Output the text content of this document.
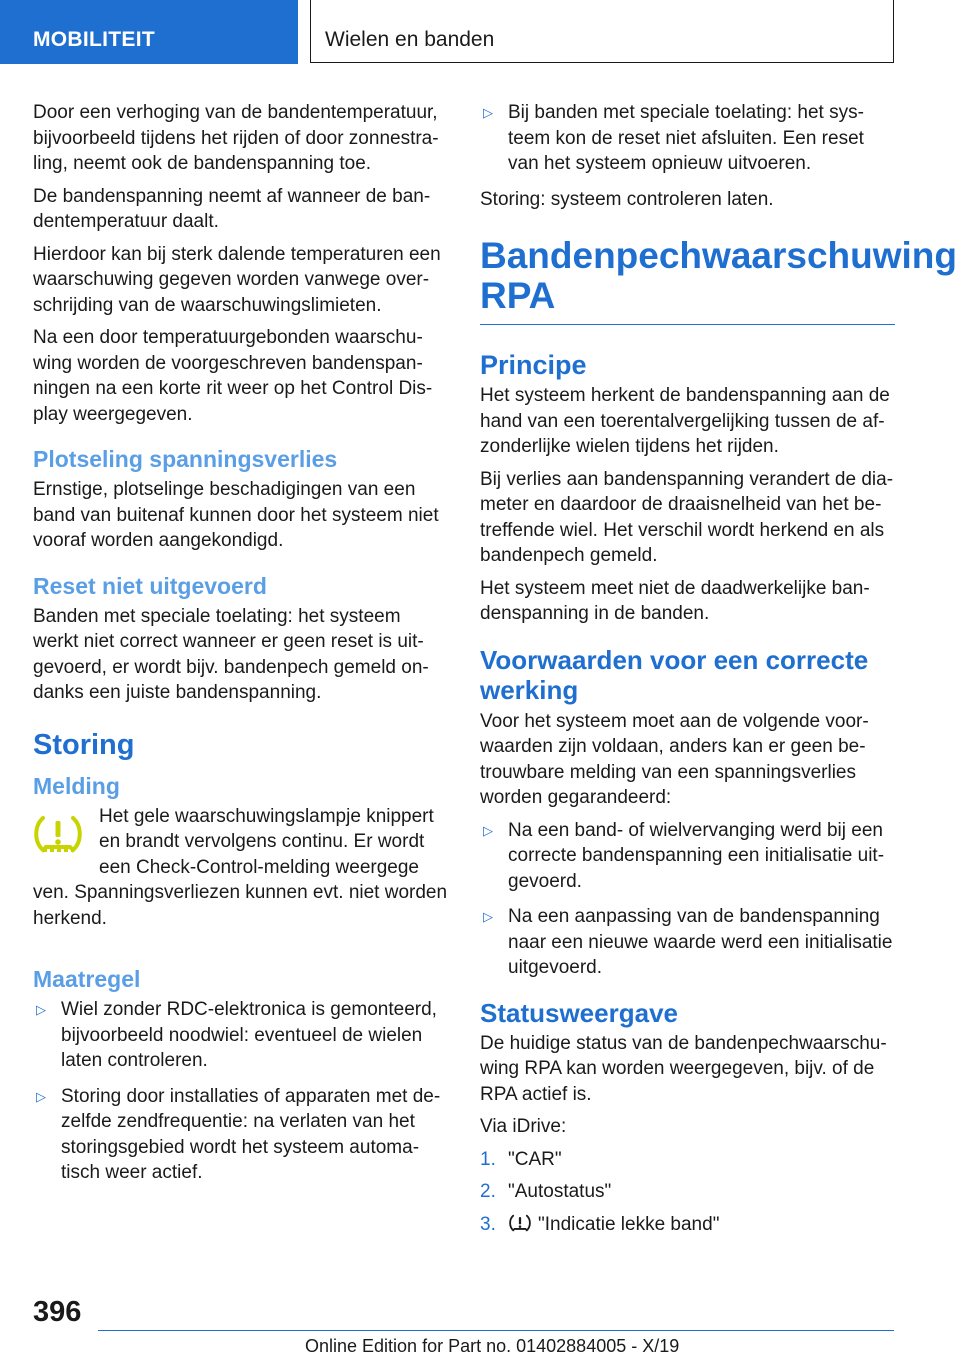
MOBILITEIT	Wielen en banden

Door een verhoging van de bandentemperatuur, bijvoorbeeld tijdens het rijden of door zonnestraling, neemt ook de bandenspanning toe.

De bandenspanning neemt af wanneer de bandentemperatuur daalt.

Hierdoor kan bij sterk dalende temperaturen een waarschuwing gegeven worden vanwege overschrijding van de waarschuwingslimieten.

Na een door temperatuurgebonden waarschuwing worden de voorgeschreven bandenspanningen na een korte rit weer op het Control Display weergegeven.

Plotseling spanningsverlies

Ernstige, plotselinge beschadigingen van een band van buitenaf kunnen door het systeem niet vooraf worden aangekondigd.

Reset niet uitgevoerd

Banden met speciale toelating: het systeem werkt niet correct wanneer er geen reset is uitgevoerd, er wordt bijv. bandenpech gemeld ondanks een juiste bandenspanning.

Storing
Melding

Het gele waarschuwingslampje knippert en brandt vervolgens continu. Er wordt een Check-Control-melding weergege

ven. Spanningsverliezen kunnen evt. niet worden herkend.

Maatregel
▷ Wiel zonder RDC-elektronica is gemonteerd, bijvoorbeeld noodwiel: eventueel de wielen laten controleren.
▷ Storing door installaties of apparaten met dezelfde zendfrequentie: na verlaten van het storingsgebied wordt het systeem automatisch weer actief.
▷ Bij banden met speciale toelating: het systeem kon de reset niet afsluiten. Een reset van het systeem opnieuw uitvoeren.

Storing: systeem controleren laten.

Bandenpechwaarschuwing RPA
Principe

Het systeem herkent de bandenspanning aan de hand van een toerentalvergelijking tussen de afzonderlijke wielen tijdens het rijden.

Bij verlies aan bandenspanning verandert de diameter en daardoor de draaisnelheid van het betreffende wiel. Het verschil wordt herkend en als bandenpech gemeld.

Het systeem meet niet de daadwerkelijke bandenspanning in de banden.

Voorwaarden voor een correcte werking

Voor het systeem moet aan de volgende voorwaarden zijn voldaan, anders kan er geen betrouwbare melding van een spanningsverlies worden gegarandeerd:

▷ Na een band- of wielvervanging werd bij een correcte bandenspanning een initialisatie uitgevoerd.
▷ Na een aanpassing van de bandenspanning naar een nieuwe waarde werd een initialisatie uitgevoerd.
Statusweergave

De huidige status van de bandenpechwaarschuwing RPA kan worden weergegeven, bijv. of de RPA actief is.

Via iDrive:

1. "CAR"
2. "Autostatus"
3. "Indicatie lekke band"
396
Online Edition for Part no. 01402884005 - X/19
